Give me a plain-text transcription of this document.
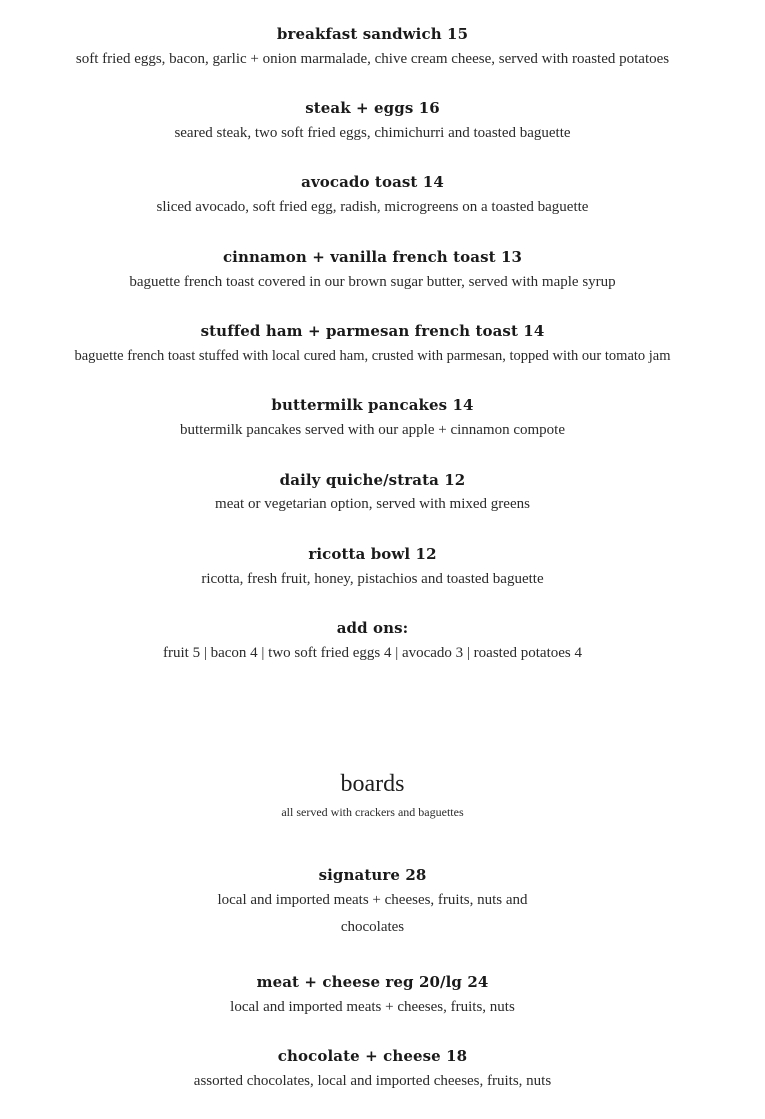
breakfast sandwich 15
soft fried eggs, bacon, garlic + onion marmalade, chive cream cheese, served with roasted potatoes
steak + eggs 16
seared steak, two soft fried eggs, chimichurri and toasted baguette
avocado toast 14
sliced avocado, soft fried egg, radish, microgreens on a toasted baguette
cinnamon + vanilla french toast 13
baguette french toast covered in our brown sugar butter, served with maple syrup
stuffed ham + parmesan french toast 14
baguette french toast stuffed with local cured ham, crusted with parmesan, topped with our tomato jam
buttermilk pancakes 14
buttermilk pancakes served with our apple + cinnamon compote
daily quiche/strata 12
meat or vegetarian option, served with mixed greens
ricotta bowl 12
ricotta, fresh fruit, honey, pistachios and toasted baguette
add ons:
fruit 5 | bacon 4 | two soft fried eggs 4 | avocado 3 | roasted potatoes 4
boards
all served with crackers and baguettes
signature 28
local and imported meats + cheeses, fruits, nuts and chocolates
meat + cheese reg 20/lg 24
local and imported meats + cheeses, fruits, nuts
chocolate + cheese 18
assorted chocolates, local and imported cheeses, fruits, nuts
